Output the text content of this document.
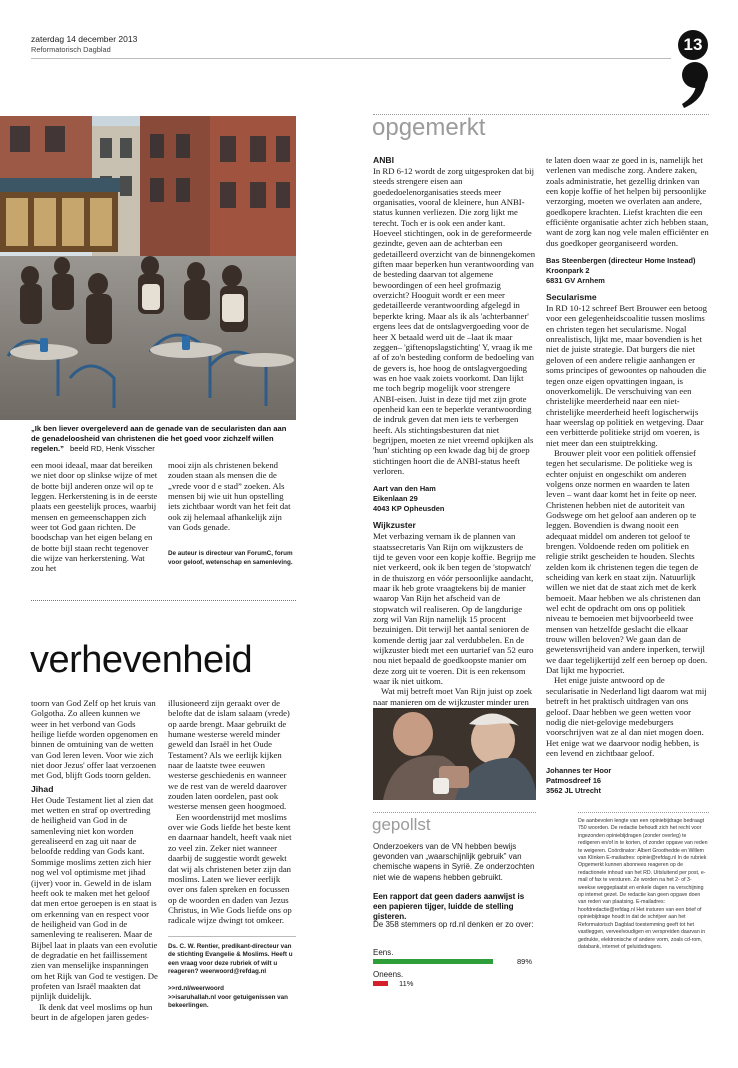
zaterdag 14 december 2013
Reformatorisch Dagblad	13
„Ik ben liever overgeleverd aan de genade van de secularisten dan aan de genadeloosheid van christenen die het goed voor zichzelf willen regelen.” beeld RD, Henk Visscher
een mooi ideaal, maar dat bereiken we niet door op slinkse wijze of met de botte bijl anderen onze wil op te leggen. Herkerstening is in de eerste plaats een geestelijk proces, waarbij mensen en gemeenschappen zich weer tot God gaan richten. De boodschap van het eigen belang en de botte bijl staan recht tegenover die wijze van herkerstening. Wat zou het
mooi zijn als christenen bekend zouden staan als mensen die de „vrede voor d e stad” zoeken. Als mensen bij wie uit hun opstelling iets zichtbaar wordt van het feit dat ook zij helemaal afhankelijk zijn van Gods genade.
De auteur is directeur van ForumC, forum voor geloof, wetenschap en samenleving.
verhevenheid

toorn van God Zelf op het kruis van Golgotha. Zo alleen kunnen we weer in het verbond van Gods heilige liefde worden opgenomen en binnen de omtuining van de wetten van God leren leven. Voor wie zich niet door Jezus' offer laat verzoenen met God, blijft Gods toorn gelden.

Jihad

Het Oude Testament liet al zien dat met wetten en straf op overtreding de heiligheid van God in de samenleving niet kon worden gerealiseerd en zag uit naar de beloofde redding van Gods kant. Sommige moslims zetten zich hier nog wel vol optimisme met jihad (ijver) voor in. Geweld in de islam heeft ook te maken met het geloof dat men ertoe geroepen is en staat is om erkenning van en respect voor de heiligheid van God in de samenleving te realiseren. Maar de Bijbel laat in plaats van een evolutie de degradatie en het faillissement zien van menselijke inspanningen om het Rijk van God te vestigen. De profeten van Israël maakten dat pijnlijk duidelijk.

Ik denk dat veel moslims op hun beurt in de afgelopen jaren gedes-

illusioneerd zijn geraakt over de belofte dat de islam salaam (vrede) op aarde brengt. Maar gebruikt de humane westerse wereld minder geweld dan Israël in het Oude Testament? Als we eerlijk kijken naar de laatste twee eeuwen westerse geschiedenis en wanneer we de rest van de wereld daarover zouden laten oordelen, past ook westerse mensen geen hoogmoed.

Een woordenstrijd met moslims over wie Gods liefde het beste kent en daarnaar handelt, heeft vaak niet zo veel zin. Zeker niet wanneer daarbij de suggestie wordt gewekt dat wij als christenen beter zijn dan moslims. Laten we liever eerlijk over ons falen spreken en focussen op de woorden en daden van Jezus Christus, in Wie Gods liefde ons op radicale wijze dwingt tot omkeer.

Ds. C. W. Rentier, predikant-directeur van de stichting Evangelie & Moslims. Heeft u een vraag voor deze rubriek of wilt u reageren? weerwoord@refdag.nl
>>rd.nl/weerwoord
>>isaruhallah.nl voor getuigenissen van bekeerlingen.
opgemerkt
ANBI

In RD 6-12 wordt de zorg uitgesproken dat bij steeds strengere eisen aan goededoelenorganisaties steeds meer organisaties, vooral de kleinere, hun ANBI-status kunnen verliezen. Die zorg lijkt me terecht. Toch er is ook een ander kant. Hoeveel stichtingen, ook in de gereformeerde gezindte, geven aan de achterban een gedetailleerd overzicht van de binnengekomen giften maar beperken hun verantwoording van de besteding daarvan tot algemene bewoordingen of een heel grofmazig overzicht? Hooguit wordt er een meer gedetailleerde verantwoording afgelegd in beperkte kring. Maar als ik als 'achterbanner' ergens lees dat de ontslagvergoeding voor de heer X betaald werd uit de –laat ik maar zeggen– 'giftenopslagstichting' Y, vraag ik me af of zo'n besteding conform de bedoeling van de gevers is, hoe hoog de ontslagvergoeding was en hoe vaak zoiets voorkomt. Dan lijkt me toch begrip mogelijk voor strengere ANBI-eisen. Juist in deze tijd met zijn grote openheid kan een te beperkte verantwoording de indruk geven dat men iets te verbergen heeft. Als stichtingsbesturen dat niet begrijpen, moeten ze niet vreemd opkijken als 'hun' stichting op een kwade dag bij de groep stichtingen hoort die de ANBI-status heeft verloren.

Aart van den Ham
Eikenlaan 29
4043 KP Opheusden
Wijkzuster

Met verbazing vernam ik de plannen van staatssecretaris Van Rijn om wijkzusters de tijd te geven voor een kopje koffie. Begrijp me niet verkeerd, ook ik ben tegen de 'stopwatch' in de thuiszorg en vóór persoonlijke aandacht, maar ik heb grote vraagtekens bij de manier waarop Van Rijn het afscheid van de stopwatch wil realiseren. Op de langdurige zorg wil Van Rijn namelijk 15 procent bezuinigen. Dit terwijl het aantal senioren de komende dertig jaar zal verdubbelen. En de wijkzuster biedt met een uurtarief van 52 euro nou niet bepaald de goedkoopste manier om deze zorg uit te voeren. Dit is een rekensom waar ik niet uitkom.

Wat mij betreft moet Van Rijn juist op zoek naar manieren om de wijkzuster minder uren

te laten doen waar ze goed in is, namelijk het verlenen van medische zorg. Andere zaken, zoals administratie, het gezellig drinken van een kopje koffie of het helpen bij persoonlijke verzorging, moeten we overlaten aan andere, goedkopere krachten. Liefst krachten die een efficiënte organisatie achter zich hebben staan, want de zorg kan nog vele malen efficiënter en dus goedkoper georganiseerd worden.

Bas Steenbergen (directeur Home Instead)
Kroonpark 2
6831 GV Arnhem
Secularisme

In RD 10-12 schreef Bert Brouwer een betoog voor een gelegenheidscoalitie tussen moslims en christen tegen het secularisme. Nogal onrealistisch, lijkt me, maar bovendien is het niet de juiste strategie. Dat burgers die niet geloven of een andere religie aanhangen er soms principes of gewoontes op nahouden die tegen onze eigen opvattingen ingaan, is onoverkomelijk. De verschuiving van een christelijke meerderheid naar een niet-christelijke meerderheid heeft logischerwijs haar weerslag op politiek en wetgeving. Daar een verbitterde politieke strijd om voeren, is niet meer dan een stuiptrekking.

Brouwer pleit voor een politiek offensief tegen het secularisme. De politieke weg is echter onjuist en ongeschikt om anderen volgens onze normen en waarden te laten leven – want daar komt het in feite op neer. Christenen hebben niet de autoriteit van Godswege om het geloof aan anderen op te leggen. Bovendien is dwang nooit een adequaat middel om anderen tot geloof te brengen. Voldoende reden om politiek en religie strikt gescheiden te houden. Slechts zelden kom ik christenen tegen die tegen de scheiding van kerk en staat zijn. Natuurlijk willen we niet dat de staat zich met de kerk bemoeit. Maar hebben we als christenen dan wel echt de opdracht om ons op politiek niveau te bemoeien met bijvoorbeeld twee mensen van hetzelfde geslacht die elkaar trouw willen beloven? We gaan dan de gewetensvrijheid van andere inperken, terwijl we daar tegelijkertijd zelf een beroep op doen. Dat lijkt me hypocriet.

Het enige juiste antwoord op de secularisatie in Nederland ligt daarom wat mij betreft in het praktisch uitdragen van ons geloof. Daar hebben we geen wetten voor nodig die niet-gelovige medeburgers voorschrijven wat ze al dan niet mogen doen. Het enige wat we daarvoor nodig hebben, is een levend en zichtbaar geloof.

Johannes ter Hoor
Patmosdreef 16
3562 JL Utrecht
gepollst
Onderzoekers van de VN hebben bewijs gevonden van „waarschijnlijk gebruik” van chemische wapens in Syrië. Ze onderzochten niet wie de wapens hebben gebruikt.
Een rapport dat geen daders aanwijst is een papieren tijger, luidde de stelling gisteren.
De 358 stemmers op rd.nl denken er zo over:
Eens.
89%
Oneens.
11%
De aanbevolen lengte van een opiniebijdrage bedraagt 750 woorden. De redactie behoudt zich het recht voor ingezonden opiniebijdragen (zonder overleg) te redigeren en/of in te korten, of zonder opgave van reden te weigeren. Coördinator: Albert Groothedde en Willem van Klinken E-mailadres: opinie@refdag.nl In de rubriek Opgemerkt kunnen abonnees reageren op de redactionele inhoud van het RD. Uitsluitend per post, e-mail of fax te versturen. Ze worden na het 2- of 3-weekse weggeplaatst en enkele dagen na verschijning op internet gezet. De redactie kan geen opgave doen van reden van plaatsing. E-mailadres: hoofdredactie@refdag.nl Het insturen van een brief of opiniebijdrage houdt in dat de schrijver aan het Reformatorisch Dagblad toestemming geeft tot het vastleggen, verveelvoudigen en verspreiden daarvan in gedrukte, elektronische of andere vorm, zoals cd-rom, databank, internet of geluidsdragers.
